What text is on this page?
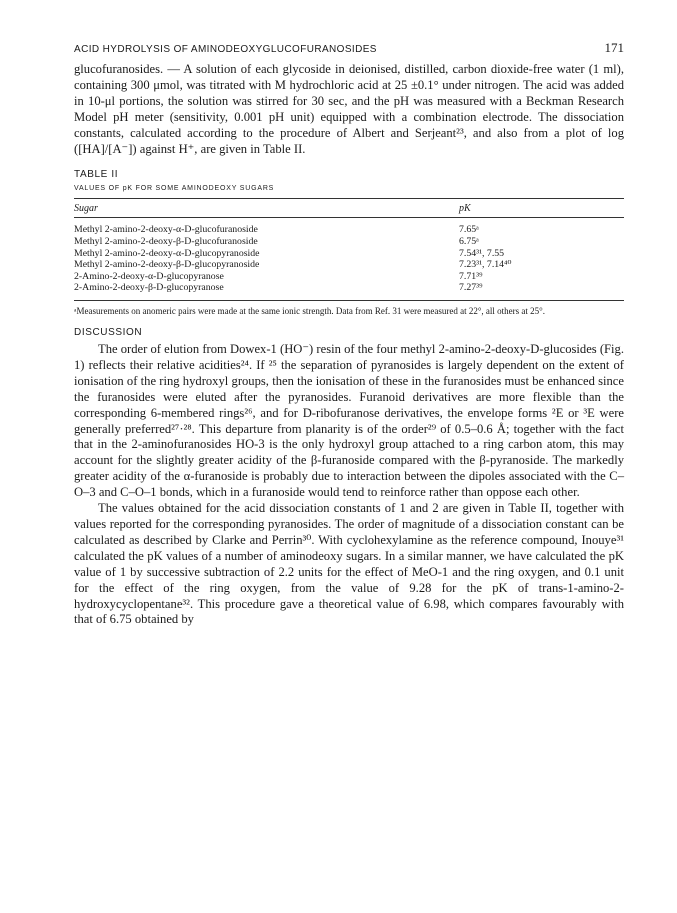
ACID HYDROLYSIS OF AMINODEOXYGLUCOFURANOSIDES	171

glucofuranosides. — A solution of each glycoside in deionised, distilled, carbon dioxide-free water (1 ml), containing 300 μmol, was titrated with M hydrochloric acid at 25 ±0.1° under nitrogen. The acid was added in 10-μl portions, the solution was stirred for 30 sec, and the pH was measured with a Beckman Research Model pH meter (sensitivity, 0.001 pH unit) equipped with a combination electrode. The dissociation constants, calculated according to the procedure of Albert and Serjeant²³, and also from a plot of log ([HA]/[A⁻]) against H⁺, are given in Table II.

TABLE II
VALUES OF pK FOR SOME AMINODEOXY SUGARS
Sugar	pK
Methyl 2-amino-2-deoxy-α-D-glucofuranoside	7.65ᵃ
Methyl 2-amino-2-deoxy-β-D-glucofuranoside	6.75ᵃ
Methyl 2-amino-2-deoxy-α-D-glucopyranoside	7.54³¹, 7.55
Methyl 2-amino-2-deoxy-β-D-glucopyranoside	7.23³¹, 7.14⁴⁰
2-Amino-2-deoxy-α-D-glucopyranose	7.71³⁹
2-Amino-2-deoxy-β-D-glucopyranose	7.27³⁹

ᵃMeasurements on anomeric pairs were made at the same ionic strength. Data from Ref. 31 were measured at 22°, all others at 25°.

DISCUSSION

The order of elution from Dowex-1 (HO⁻) resin of the four methyl 2-amino-2-deoxy-D-glucosides (Fig. 1) reflects their relative acidities²⁴. If ²⁵ the separation of pyranosides is largely dependent on the extent of ionisation of the ring hydroxyl groups, then the ionisation of these in the furanosides must be enhanced since the furanosides were eluted after the pyranosides. Furanoid derivatives are more flexible than the corresponding 6-membered rings²⁶, and for D-ribofuranose derivatives, the envelope forms ²E or ³E were generally preferred²⁷·²⁸. This departure from planarity is of the order²⁹ of 0.5–0.6 Å; together with the fact that in the 2-aminofuranosides HO-3 is the only hydroxyl group attached to a ring carbon atom, this may account for the slightly greater acidity of the β-furanoside compared with the β-pyranoside. The markedly greater acidity of the α-furanoside is probably due to interaction between the dipoles associated with the C–O–3 and C–O–1 bonds, which in a furanoside would tend to reinforce rather than oppose each other.

The values obtained for the acid dissociation constants of 1 and 2 are given in Table II, together with values reported for the corresponding pyranosides. The order of magnitude of a dissociation constant can be calculated as described by Clarke and Perrin³⁰. With cyclohexylamine as the reference compound, Inouye³¹ calculated the pK values of a number of aminodeoxy sugars. In a similar manner, we have calculated the pK value of 1 by successive subtraction of 2.2 units for the effect of MeO-1 and the ring oxygen, and 0.1 unit for the effect of the ring oxygen, from the value of 9.28 for the pK of trans-1-amino-2-hydroxycyclopentane³². This procedure gave a theoretical value of 6.98, which compares favourably with that of 6.75 obtained by
